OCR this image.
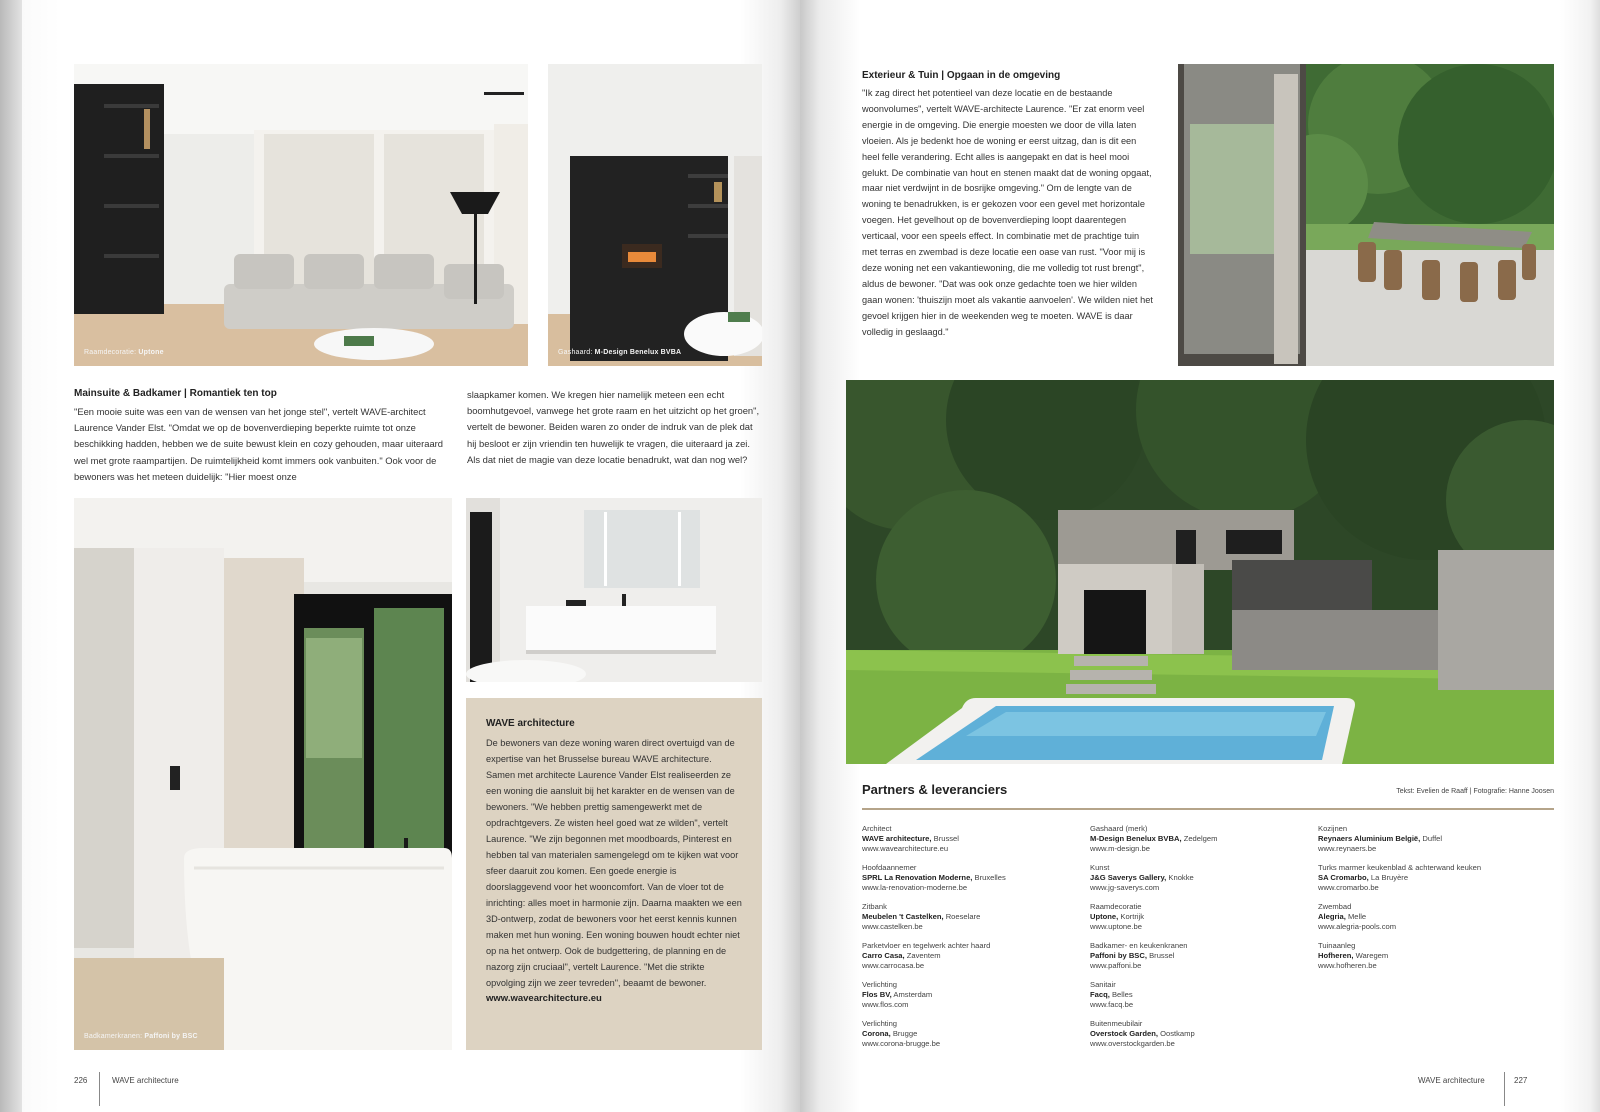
Raamdecoratie: Uptone	Gashaard: M-Design Benelux BVBA
Mainsuite & Badkamer | Romantiek ten top
"Een mooie suite was een van de wensen van het jonge stel", vertelt WAVE-architect Laurence Vander Elst. "Omdat we op de bovenverdieping beperkte ruimte tot onze beschikking hadden, hebben we de suite bewust klein en cozy gehouden, maar uiteraard wel met grote raampartijen. De ruimtelijkheid komt immers ook vanbuiten." Ook voor de bewoners was het meteen duidelijk: "Hier moest onze
slaapkamer komen. We kregen hier namelijk meteen een echt boomhutgevoel, vanwege het grote raam en het uitzicht op het groen", vertelt de bewoner. Beiden waren zo onder de indruk van de plek dat hij besloot er zijn vriendin ten huwelijk te vragen, die uiteraard ja zei. Als dat niet de magie van deze locatie benadrukt, wat dan nog wel?
Badkamerkranen: Paffoni by BSC
WAVE architecture
De bewoners van deze woning waren direct overtuigd van de expertise van het Brusselse bureau WAVE architecture. Samen met architecte Laurence Vander Elst realiseerden ze een woning die aansluit bij het karakter en de wensen van de bewoners. "We hebben prettig samengewerkt met de opdrachtgevers. Ze wisten heel goed wat ze wilden", vertelt Laurence. "We zijn begonnen met moodboards, Pinterest en hebben tal van materialen samengelegd om te kijken wat voor sfeer daaruit zou komen. Een goede energie is doorslaggevend voor het wooncomfort. Van de vloer tot de inrichting: alles moet in harmonie zijn. Daarna maakten we een 3D-ontwerp, zodat de bewoners voor het eerst kennis kunnen maken met hun woning. Een woning bouwen houdt echter niet op na het ontwerp. Ook de budgettering, de planning en de nazorg zijn cruciaal", vertelt Laurence. "Met die strikte opvolging zijn we zeer tevreden", beaamt de bewoner.
www.wavearchitecture.eu
226	WAVE architecture
Exterieur & Tuin | Opgaan in de omgeving
"Ik zag direct het potentieel van deze locatie en de bestaande woonvolumes", vertelt WAVE-architecte Laurence. "Er zat enorm veel energie in de omgeving. Die energie moesten we door de villa laten vloeien. Als je bedenkt hoe de woning er eerst uitzag, dan is dit een heel felle verandering. Echt alles is aangepakt en dat is heel mooi gelukt. De combinatie van hout en stenen maakt dat de woning opgaat, maar niet verdwijnt in de bosrijke omgeving." Om de lengte van de woning te benadrukken, is er gekozen voor een gevel met horizontale voegen. Het gevelhout op de bovenverdieping loopt daarentegen verticaal, voor een speels effect. In combinatie met de prachtige tuin met terras en zwembad is deze locatie een oase van rust. "Voor mij is deze woning net een vakantiewoning, die me volledig tot rust brengt", aldus de bewoner. "Dat was ook onze gedachte toen we hier wilden gaan wonen: 'thuiszijn moet als vakantie aanvoelen'. We wilden niet het gevoel krijgen hier in de weekenden weg te moeten. WAVE is daar volledig in geslaagd."
Partners & leveranciers	Tekst: Evelien de Raaff | Fotografie: Hanne Joosen
Architect
WAVE architecture, Brussel
www.wavearchitecture.eu
Hoofdaannemer
SPRL La Renovation Moderne, Bruxelles
www.la-renovation-moderne.be
Zitbank
Meubelen 't Castelken, Roeselare
www.castelken.be
Parketvloer en tegelwerk achter haard
Carro Casa, Zaventem
www.carrocasa.be
Verlichting
Flos BV, Amsterdam
www.flos.com
Verlichting
Corona, Brugge
www.corona-brugge.be
Gashaard (merk)
M-Design Benelux BVBA, Zedelgem
www.m-design.be
Kunst
J&G Saverys Gallery, Knokke
www.jg-saverys.com
Raamdecoratie
Uptone, Kortrijk
www.uptone.be
Badkamer- en keukenkranen
Paffoni by BSC, Brussel
www.paffoni.be
Sanitair
Facq, Belles
www.facq.be
Buitenmeubilair
Overstock Garden, Oostkamp
www.overstockgarden.be
Kozijnen
Reynaers Aluminium België, Duffel
www.reynaers.be
Turks marmer keukenblad & achterwand keuken
SA Cromarbo, La Bruyère
www.cromarbo.be
Zwembad
Alegria, Melle
www.alegria-pools.com
Tuinaanleg
Hofheren, Waregem
www.hofheren.be
WAVE architecture	227
